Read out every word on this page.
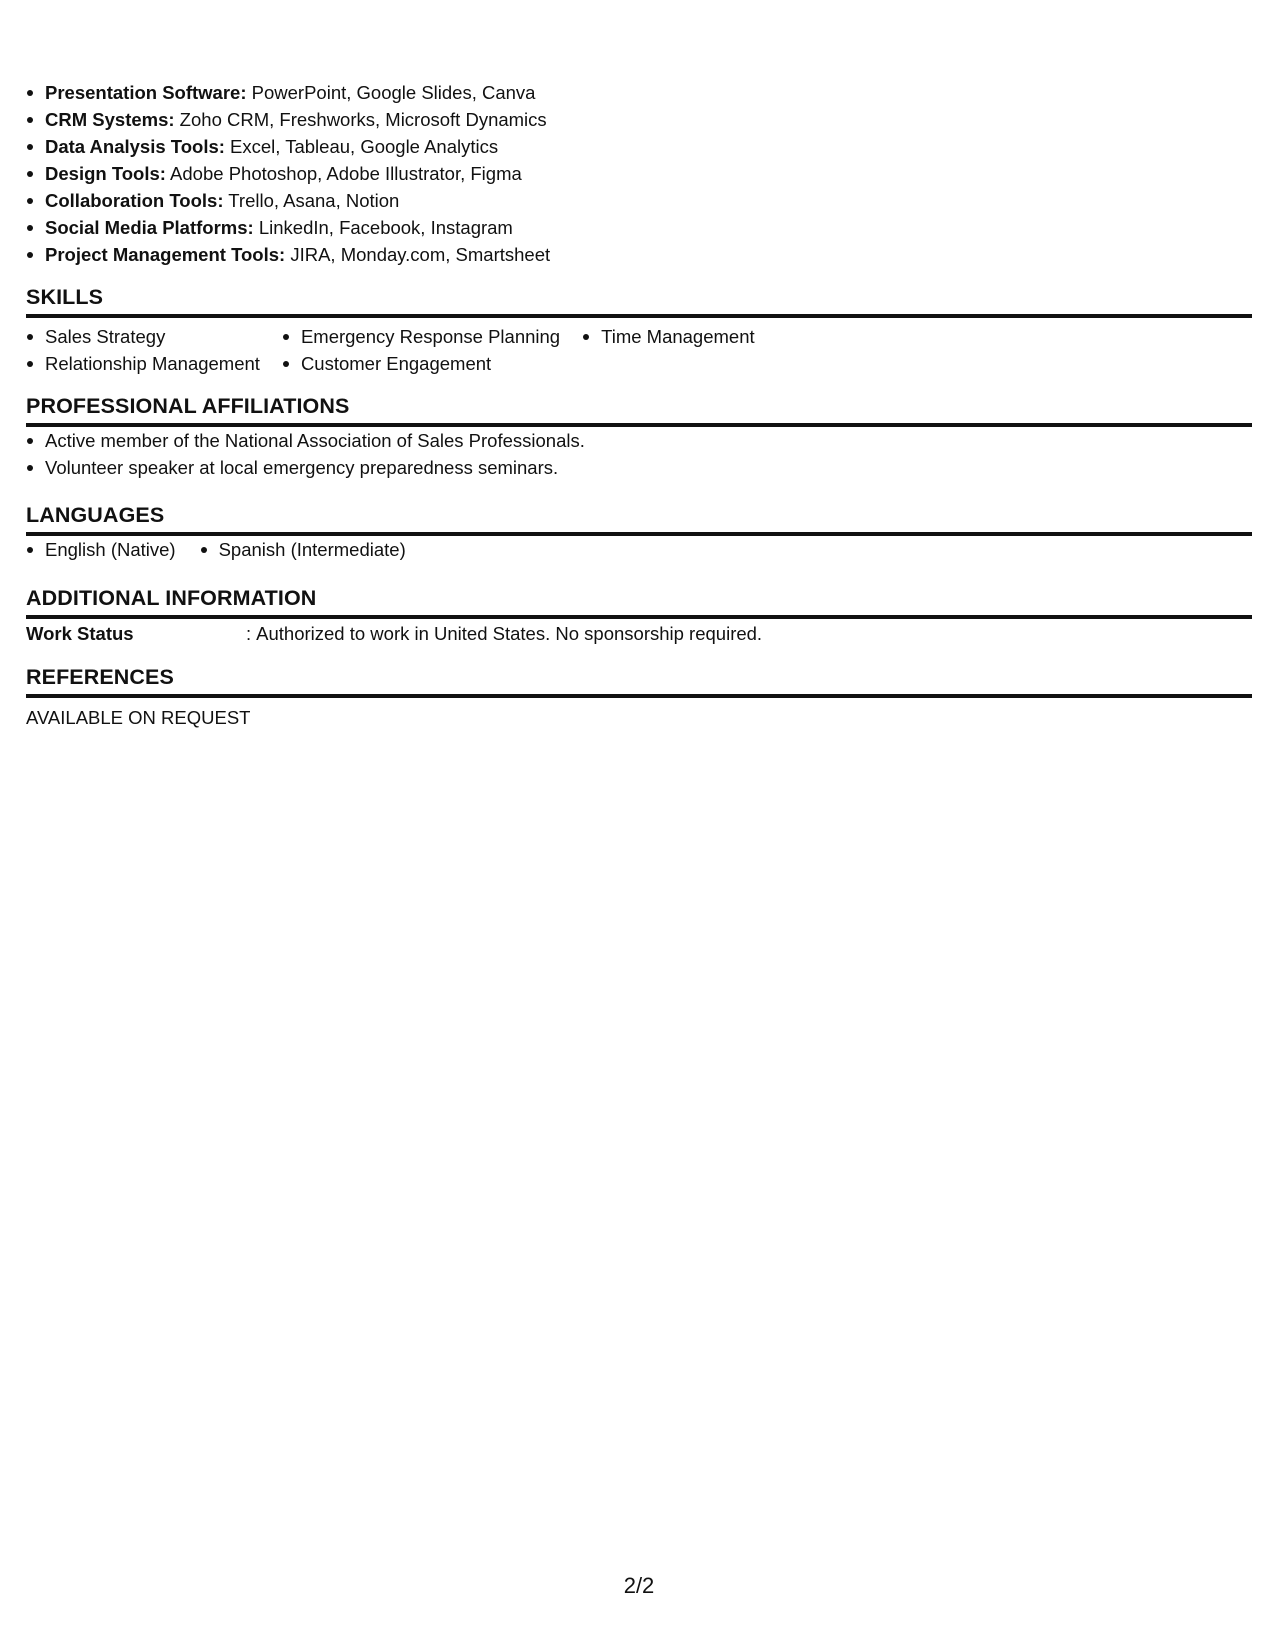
Presentation Software: PowerPoint, Google Slides, Canva
CRM Systems: Zoho CRM, Freshworks, Microsoft Dynamics
Data Analysis Tools: Excel, Tableau, Google Analytics
Design Tools: Adobe Photoshop, Adobe Illustrator, Figma
Collaboration Tools: Trello, Asana, Notion
Social Media Platforms: LinkedIn, Facebook, Instagram
Project Management Tools: JIRA, Monday.com, Smartsheet
SKILLS
Sales Strategy
Relationship Management
Emergency Response Planning
Customer Engagement
Time Management
PROFESSIONAL AFFILIATIONS
Active member of the National Association of Sales Professionals.
Volunteer speaker at local emergency preparedness seminars.
LANGUAGES
English (Native)	Spanish (Intermediate)
ADDITIONAL INFORMATION
Work Status	: Authorized to work in United States. No sponsorship required.
REFERENCES
AVAILABLE ON REQUEST
2/2
